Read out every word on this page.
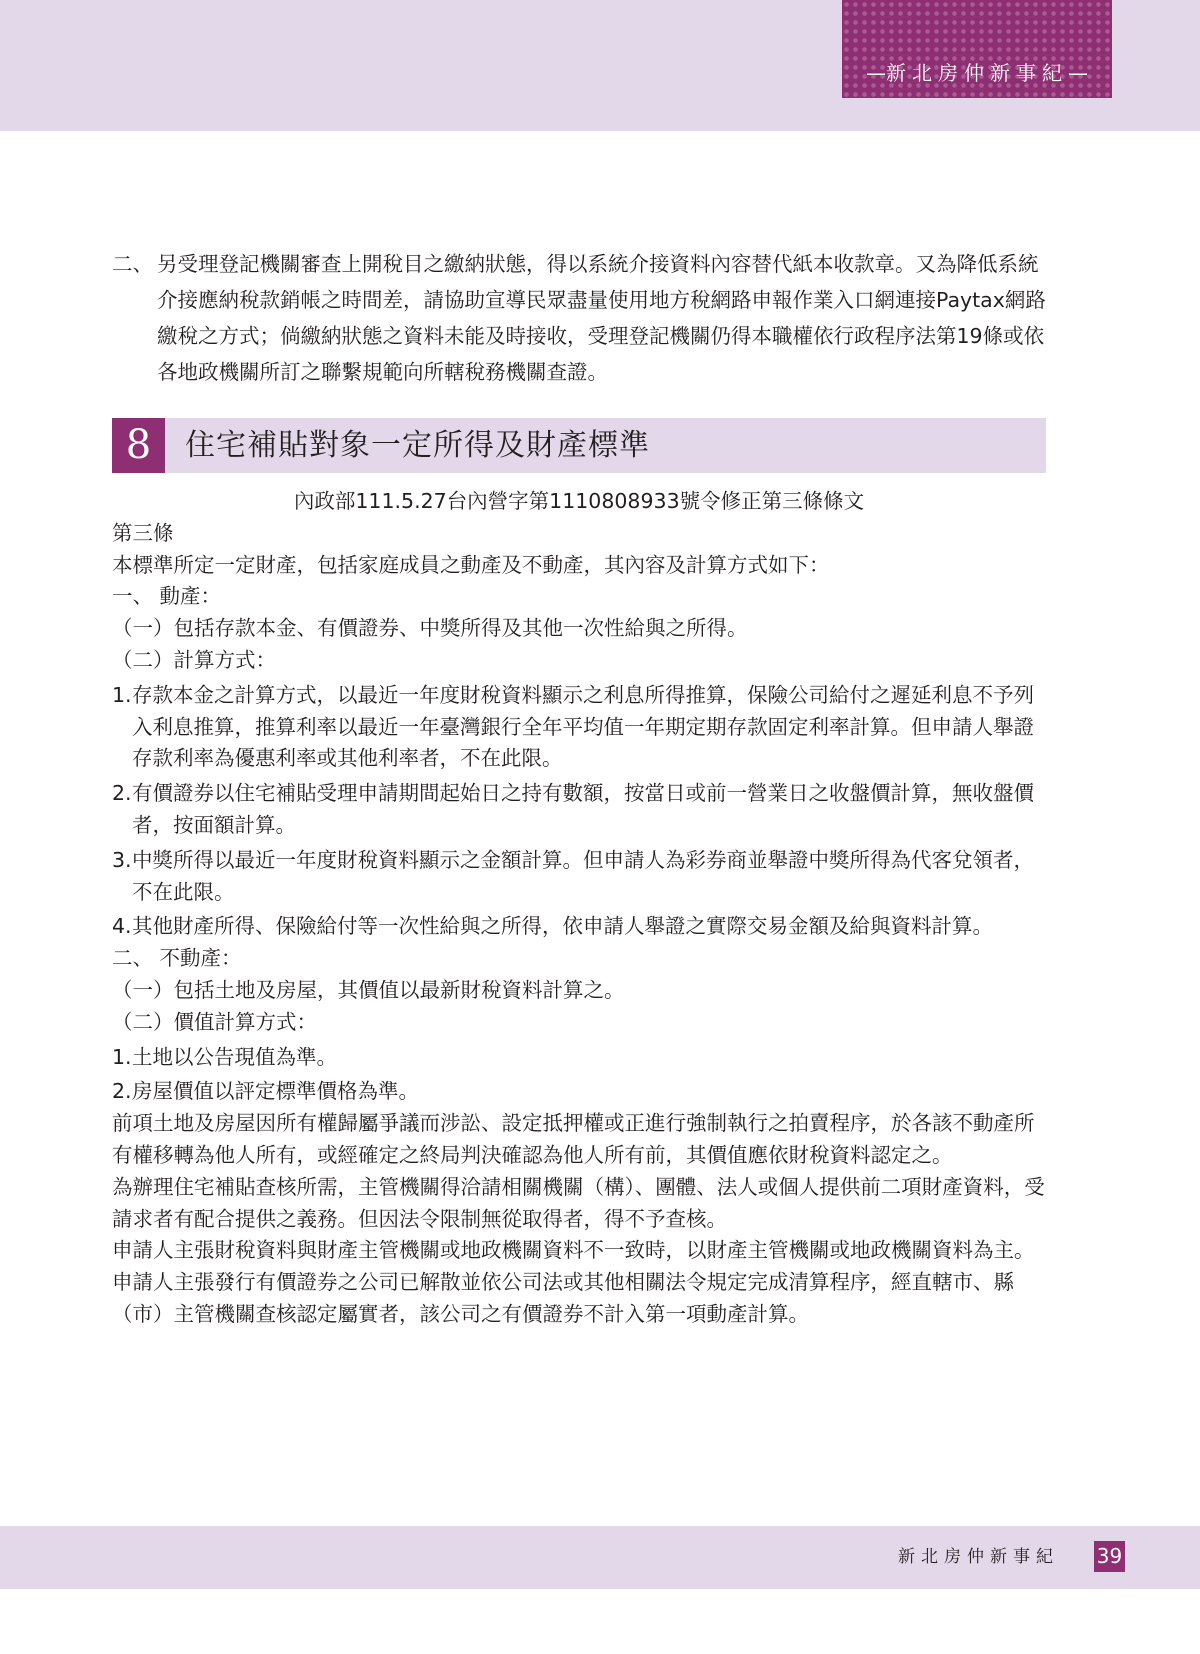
—新北房仲新事紀—
二、 另受理登記機關審查上開稅目之繳納狀態，得以系統介接資料內容替代紙本收款章。又為降低系統介接應納稅款銷帳之時間差，請協助宣導民眾盡量使用地方稅網路申報作業入口網連接Paytax網路繳稅之方式；倘繳納狀態之資料未能及時接收，受理登記機關仍得本職權依行政程序法第19條或依各地政機關所訂之聯繫規範向所轄稅務機關查證。
8	住宅補貼對象一定所得及財產標準

內政部111.5.27台內營字第1110808933號令修正第三條條文

第三條

本標準所定一定財產，包括家庭成員之動產及不動產，其內容及計算方式如下：

一、 動產：

（一）包括存款本金、有價證券、中獎所得及其他一次性給與之所得。

（二）計算方式：

1. 存款本金之計算方式，以最近一年度財稅資料顯示之利息所得推算，保險公司給付之遲延利息不予列入利息推算，推算利率以最近一年臺灣銀行全年平均值一年期定期存款固定利率計算。但申請人舉證存款利率為優惠利率或其他利率者，不在此限。
2. 有價證券以住宅補貼受理申請期間起始日之持有數額，按當日或前一營業日之收盤價計算，無收盤價者，按面額計算。
3. 中獎所得以最近一年度財稅資料顯示之金額計算。但申請人為彩券商並舉證中獎所得為代客兌領者，不在此限。
4. 其他財產所得、保險給付等一次性給與之所得，依申請人舉證之實際交易金額及給與資料計算。

二、 不動產：

（一）包括土地及房屋，其價值以最新財稅資料計算之。

（二）價值計算方式：

1. 土地以公告現值為準。
2. 房屋價值以評定標準價格為準。

前項土地及房屋因所有權歸屬爭議而涉訟、設定抵押權或正進行強制執行之拍賣程序，於各該不動產所有權移轉為他人所有，或經確定之終局判決確認為他人所有前，其價值應依財稅資料認定之。

為辦理住宅補貼查核所需，主管機關得洽請相關機關（構）、團體、法人或個人提供前二項財產資料，受請求者有配合提供之義務。但因法令限制無從取得者，得不予查核。

申請人主張財稅資料與財產主管機關或地政機關資料不一致時，以財產主管機關或地政機關資料為主。

申請人主張發行有價證券之公司已解散並依公司法或其他相關法令規定完成清算程序，經直轄市、縣（市）主管機關查核認定屬實者，該公司之有價證券不計入第一項動產計算。

新北房仲新事紀 39
